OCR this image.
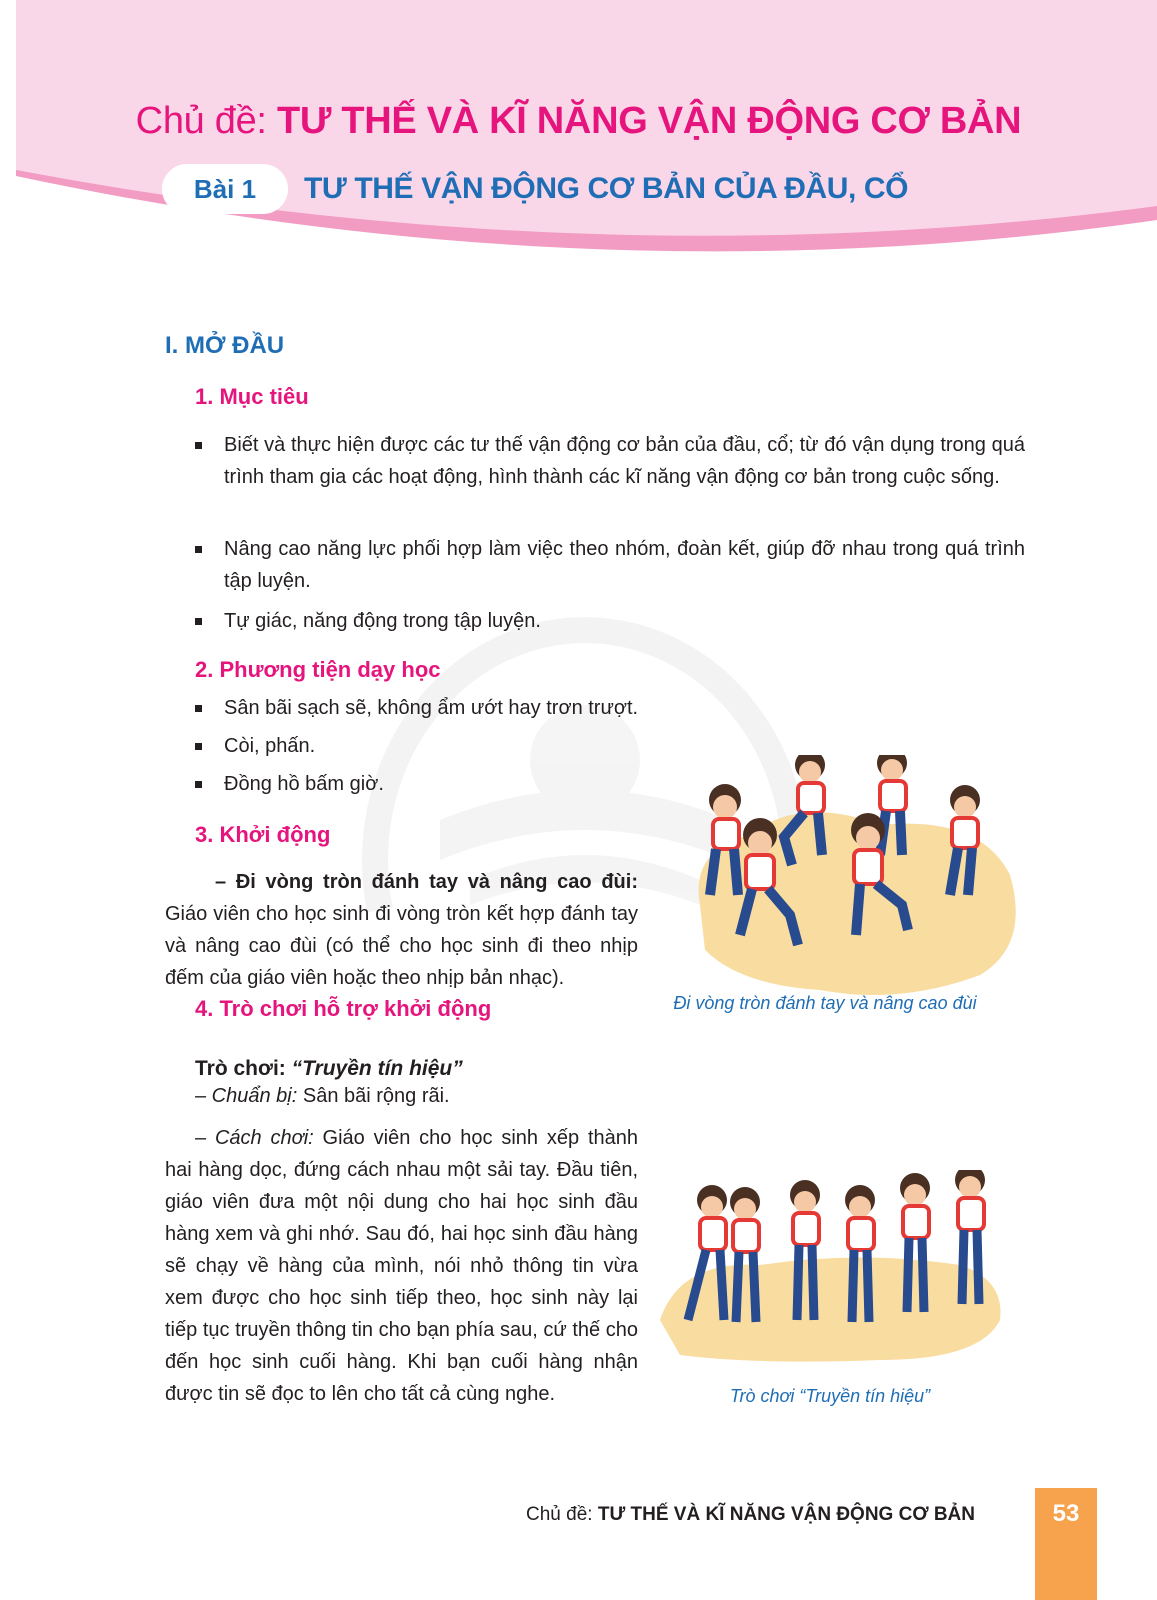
Chủ đề: TƯ THẾ VÀ KĨ NĂNG VẬN ĐỘNG CƠ BẢN
Bài 1	TƯ THẾ VẬN ĐỘNG CƠ BẢN CỦA ĐẦU, CỔ
I. MỞ ĐẦU
1. Mục tiêu
Biết và thực hiện được các tư thế vận động cơ bản của đầu, cổ; từ đó vận dụng trong quá trình tham gia các hoạt động, hình thành các kĩ năng vận động cơ bản trong cuộc sống.
Nâng cao năng lực phối hợp làm việc theo nhóm, đoàn kết, giúp đỡ nhau trong quá trình tập luyện.
Tự giác, năng động trong tập luyện.
2. Phương tiện dạy học
Sân bãi sạch sẽ, không ẩm ướt hay trơn trượt.
Còi, phấn.
Đồng hồ bấm giờ.
3. Khởi động
– Đi vòng tròn đánh tay và nâng cao đùi: Giáo viên cho học sinh đi vòng tròn kết hợp đánh tay và nâng cao đùi (có thể cho học sinh đi theo nhịp đếm của giáo viên hoặc theo nhịp bản nhạc).
Đi vòng tròn đánh tay và nâng cao đùi
4. Trò chơi hỗ trợ khởi động
Trò chơi: “Truyền tín hiệu”
– Chuẩn bị: Sân bãi rộng rãi.
– Cách chơi: Giáo viên cho học sinh xếp thành hai hàng dọc, đứng cách nhau một sải tay. Đầu tiên, giáo viên đưa một nội dung cho hai học sinh đầu hàng xem và ghi nhớ. Sau đó, hai học sinh đầu hàng sẽ chạy về hàng của mình, nói nhỏ thông tin vừa xem được cho học sinh tiếp theo, học sinh này lại tiếp tục truyền thông tin cho bạn phía sau, cứ thế cho đến học sinh cuối hàng. Khi bạn cuối hàng nhận được tin sẽ đọc to lên cho tất cả cùng nghe.	Trò chơi “Truyền tín hiệu”
Chủ đề: TƯ THẾ VÀ KĨ NĂNG VẬN ĐỘNG CƠ BẢN	53
